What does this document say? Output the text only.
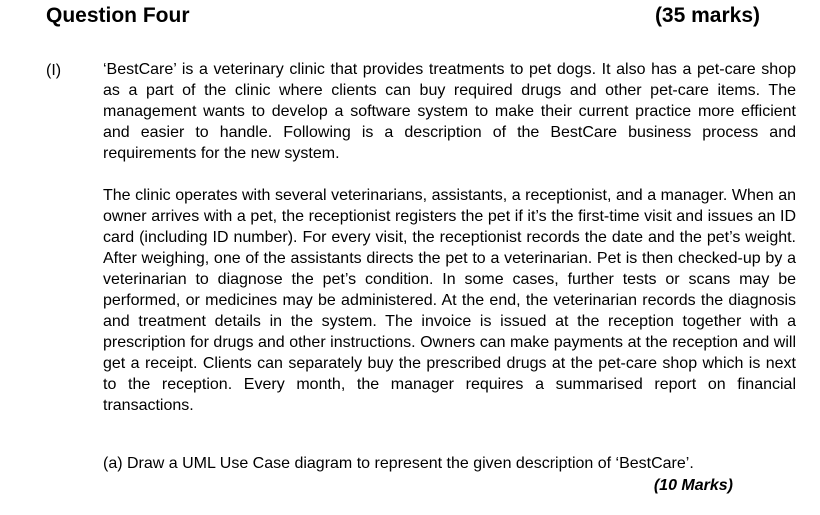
Question Four	(35 marks)
(I)	‘BestCare’ is a veterinary clinic that provides treatments to pet dogs. It also has a pet-care shop as a part of the clinic where clients can buy required drugs and other pet-care items. The management wants to develop a software system to make their current practice more efficient and easier to handle. Following is a description of the BestCare business process and requirements for the new system.

The clinic operates with several veterinarians, assistants, a receptionist, and a manager. When an owner arrives with a pet, the receptionist registers the pet if it’s the first-time visit and issues an ID card (including ID number). For every visit, the receptionist records the date and the pet’s weight. After weighing, one of the assistants directs the pet to a veterinarian. Pet is then checked-up by a veterinarian to diagnose the pet’s condition. In some cases, further tests or scans may be performed, or medicines may be administered. At the end, the veterinarian records the diagnosis and treatment details in the system. The invoice is issued at the reception together with a prescription for drugs and other instructions. Owners can make payments at the reception and will get a receipt. Clients can separately buy the prescribed drugs at the pet-care shop which is next to the reception. Every month, the manager requires a summarised report on financial transactions.

(a) Draw a UML Use Case diagram to represent the given description of ‘BestCare’.
(10 Marks)
